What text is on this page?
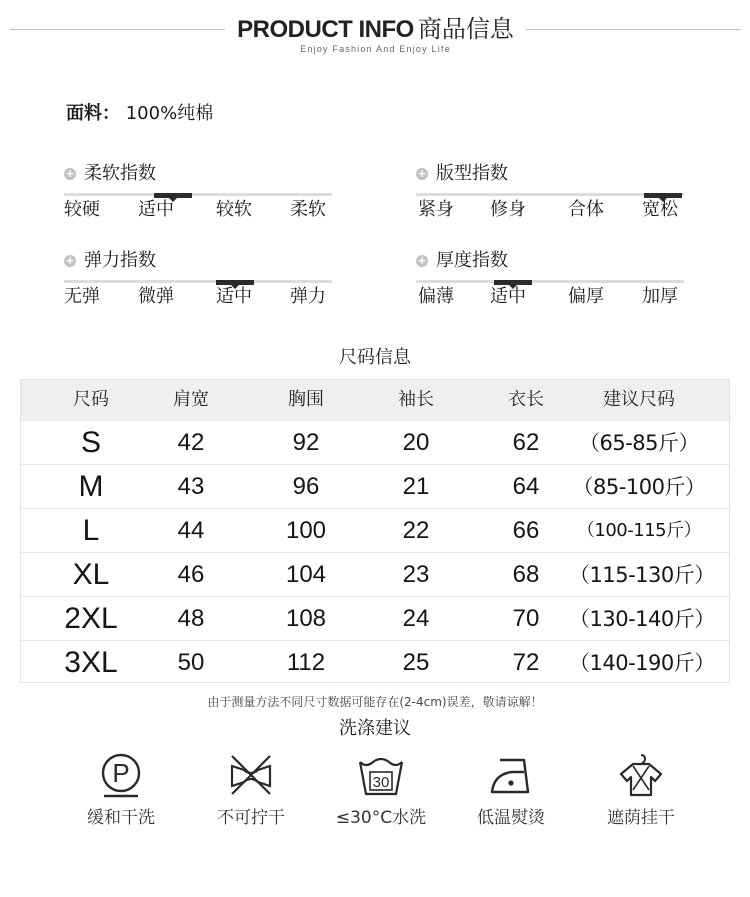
PRODUCT INFO 商品信息
Enjoy Fashion And Enjoy Life
面料： 100%纯棉
+ 柔软指数
较硬 适中 较软 柔软
+ 版型指数
紧身 修身 合体 宽松
+ 弹力指数
无弹 微弹 适中 弹力
+ 厚度指数
偏薄 适中 偏厚 加厚
尺码信息
尺码	肩宽	胸围	袖长	衣长	建议尺码
S	42	92	20	62	（65-85斤）
M	43	96	21	64	（85-100斤）
L	44	100	22	66	（100-115斤）
XL	46	104	23	68	（115-130斤）
2XL	48	108	24	70	（130-140斤）
3XL	50	112	25	72	（140-190斤）
由于测量方法不同尺寸数据可能存在(2-4cm)误差，敬请谅解！
洗涤建议
P
缓和干洗	不可拧干
30
≤30°C水洗	低温熨烫	遮荫挂干
